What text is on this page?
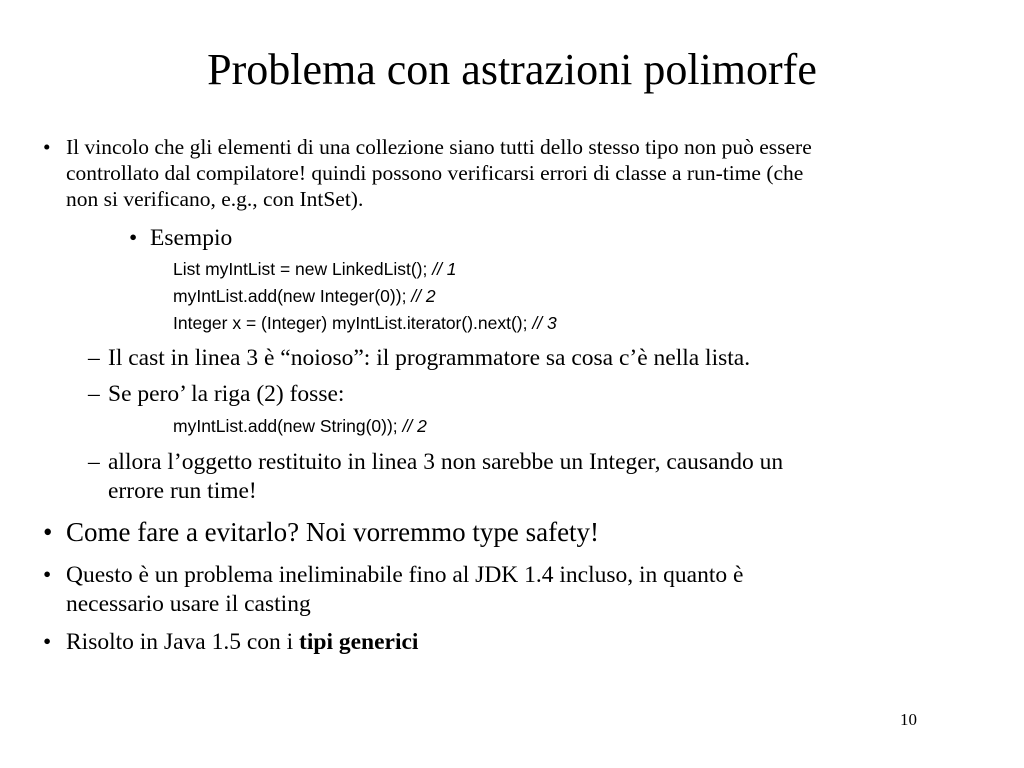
Problema con astrazioni polimorfe
• Il vincolo che gli elementi di una collezione siano tutti dello stesso tipo non può essere
controllato dal compilatore! quindi possono verificarsi errori di classe a run-time (che
non si verificano, e.g., con IntSet).
• Esempio
List myIntList = new LinkedList(); // 1
myIntList.add(new Integer(0)); // 2
Integer x = (Integer) myIntList.iterator().next(); // 3
– Il cast in linea 3 è “noioso”: il programmatore sa cosa c’è nella lista.
– Se pero’ la riga (2) fosse:
myIntList.add(new String(0)); // 2
– allora l’oggetto restituito in linea 3 non sarebbe un Integer, causando un
errore run time!
• Come fare a evitarlo? Noi vorremmo type safety!
• Questo è un problema ineliminabile fino al JDK 1.4 incluso, in quanto è
necessario usare il casting
• Risolto in Java 1.5 con i tipi generici
10
